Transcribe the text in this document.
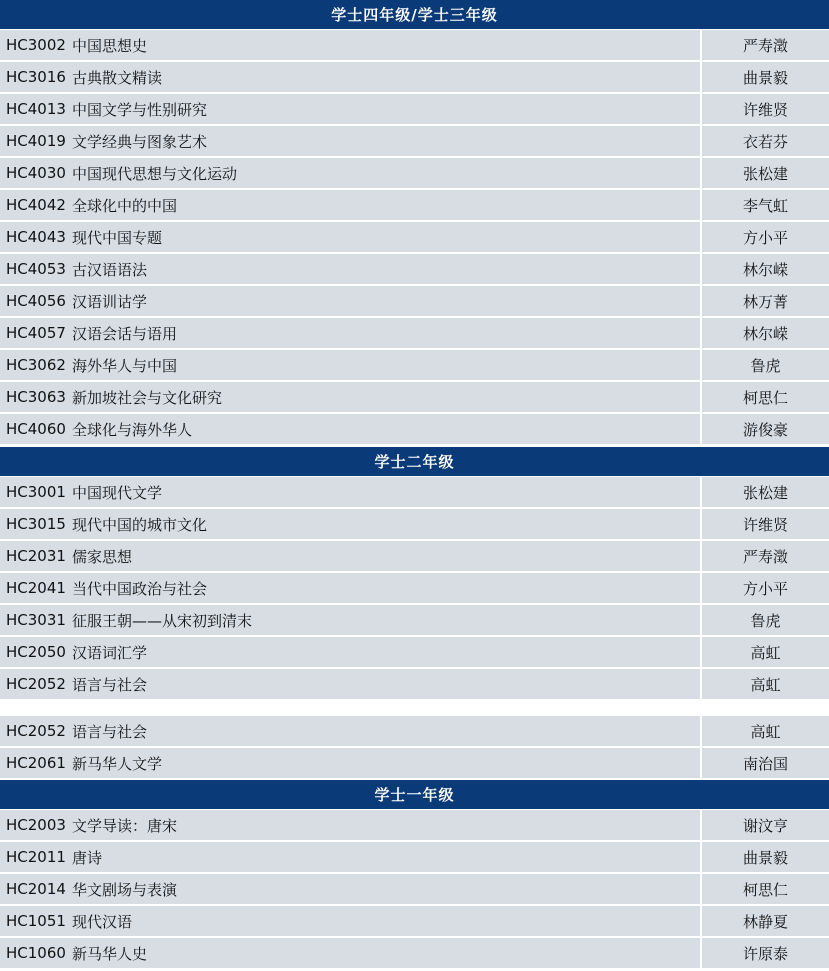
学士四年级/学士三年级
HC3002 中国思想史	严寿澂
HC3016 古典散文精读	曲景毅
HC4013 中国文学与性别研究	许维贤
HC4019 文学经典与图象艺术	衣若芬
HC4030 中国现代思想与文化运动	张松建
HC4042 全球化中的中国	李气虹
HC4043 现代中国专题	方小平
HC4053 古汉语语法	林尔嵘
HC4056 汉语训诂学	林万菁
HC4057 汉语会话与语用	林尔嵘
HC3062 海外华人与中国	鲁虎
HC3063 新加坡社会与文化研究	柯思仁
HC4060 全球化与海外华人	游俊豪
学士二年级
HC3001 中国现代文学	张松建
HC3015 现代中国的城市文化	许维贤
HC2031 儒家思想	严寿澂
HC2041 当代中国政治与社会	方小平
HC3031 征服王朝——从宋初到清末	鲁虎
HC2050 汉语词汇学	高虹
HC2052 语言与社会	高虹
HC2052 语言与社会	高虹
HC2061 新马华人文学	南治国
学士一年级
HC2003 文学导读：唐宋	谢汶亨
HC2011 唐诗	曲景毅
HC2014 华文剧场与表演	柯思仁
HC1051 现代汉语	林静夏
HC1060 新马华人史	许原泰
